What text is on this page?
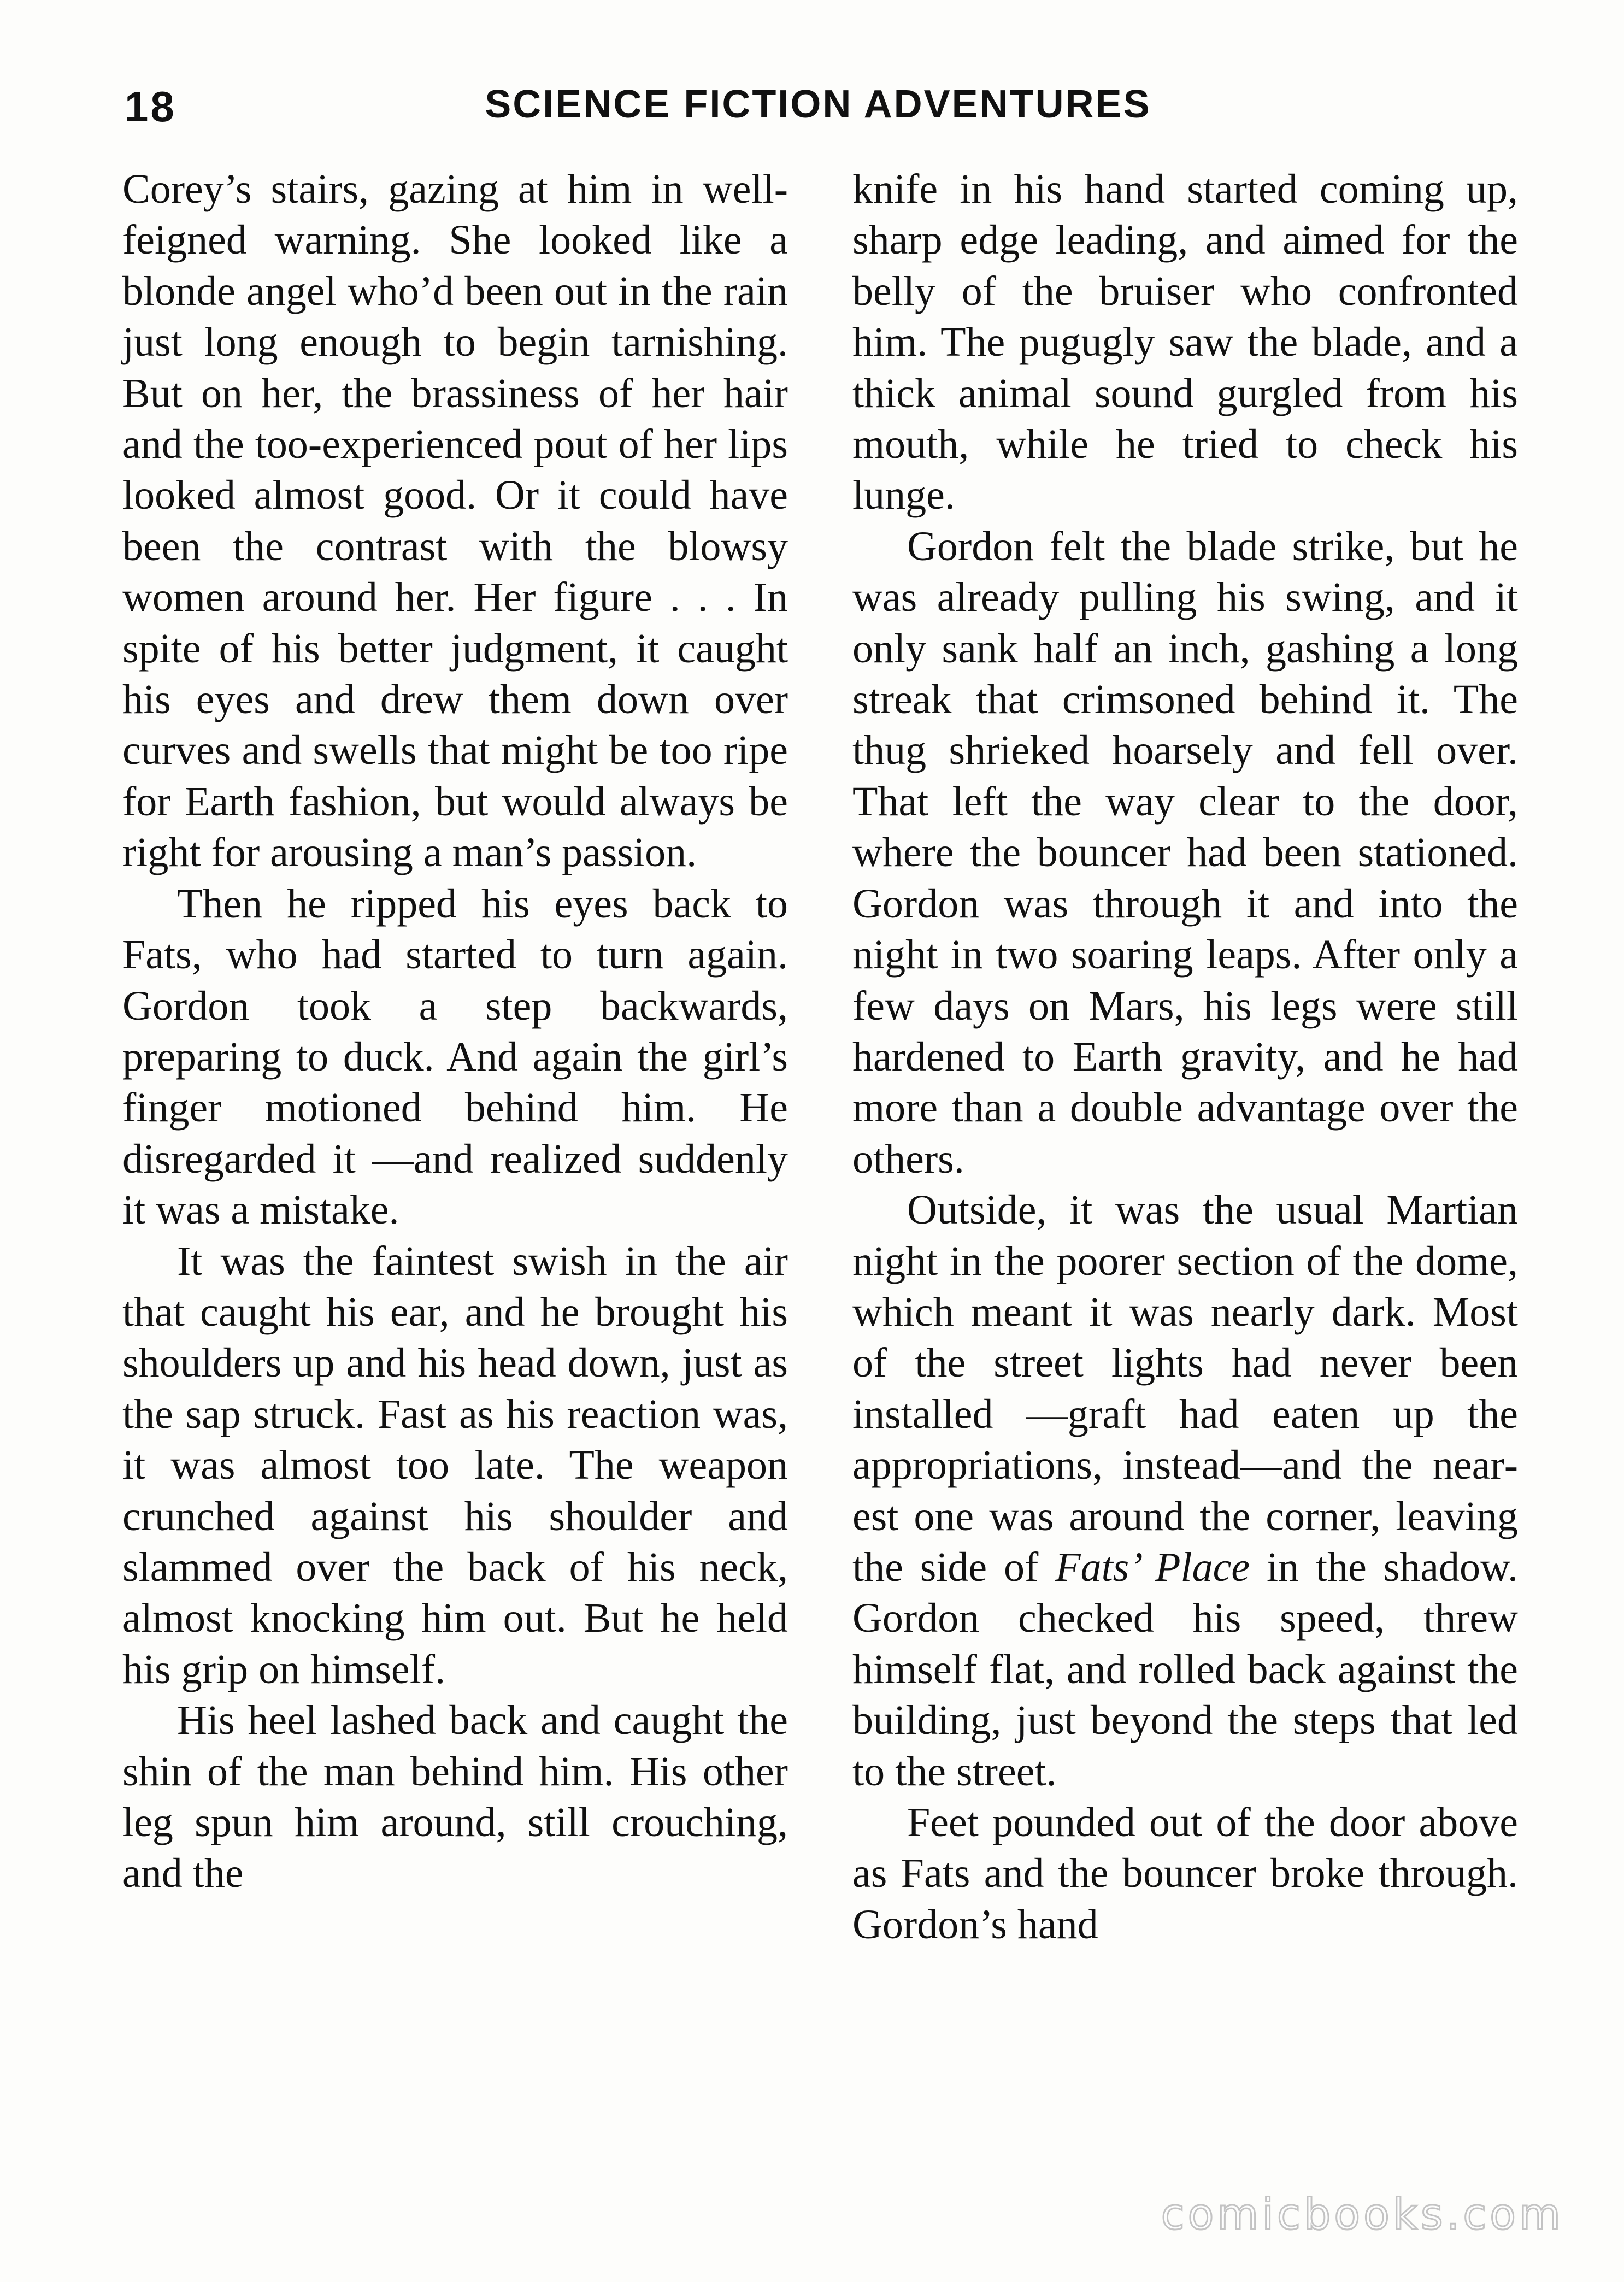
18	SCIENCE FICTION ADVENTURES

Corey’s stairs, gazing at him in well-feigned warning. She looked like a blonde angel who’d been out in the rain just long enough to begin tarnishing. But on her, the brassiness of her hair and the too-experienced pout of her lips looked almost good. Or it could have been the contrast with the blowsy women around her. Her figure . . . In spite of his better judgment, it caught his eyes and drew them down over curves and swells that might be too ripe for Earth fashion, but would always be right for arousing a man’s passion.

Then he ripped his eyes back to Fats, who had started to turn again. Gordon took a step backwards, preparing to duck. And again the girl’s finger motioned behind him. He disregarded it —and realized suddenly it was a mistake.

It was the faintest swish in the air that caught his ear, and he brought his shoulders up and his head down, just as the sap struck. Fast as his reaction was, it was almost too late. The weapon crunched against his shoulder and slammed over the back of his neck, almost knocking him out. But he held his grip on himself.

His heel lashed back and caught the shin of the man behind him. His other leg spun him around, still crouching, and the

knife in his hand started coming up, sharp edge leading, and aimed for the belly of the bruiser who confronted him. The pugugly saw the blade, and a thick animal sound gurgled from his mouth, while he tried to check his lunge.

Gordon felt the blade strike, but he was already pulling his swing, and it only sank half an inch, gashing a long streak that crimsoned behind it. The thug shrieked hoarsely and fell over. That left the way clear to the door, where the bouncer had been stationed. Gordon was through it and into the night in two soaring leaps. After only a few days on Mars, his legs were still hardened to Earth gravity, and he had more than a double advantage over the others.

Outside, it was the usual Martian night in the poorer section of the dome, which meant it was nearly dark. Most of the street lights had never been installed —graft had eaten up the appropriations, instead—and the nearest one was around the corner, leaving the side of Fats’ Place in the shadow. Gordon checked his speed, threw himself flat, and rolled back against the building, just beyond the steps that led to the street.

Feet pounded out of the door above as Fats and the bouncer broke through. Gordon’s hand

comicbooks.com
